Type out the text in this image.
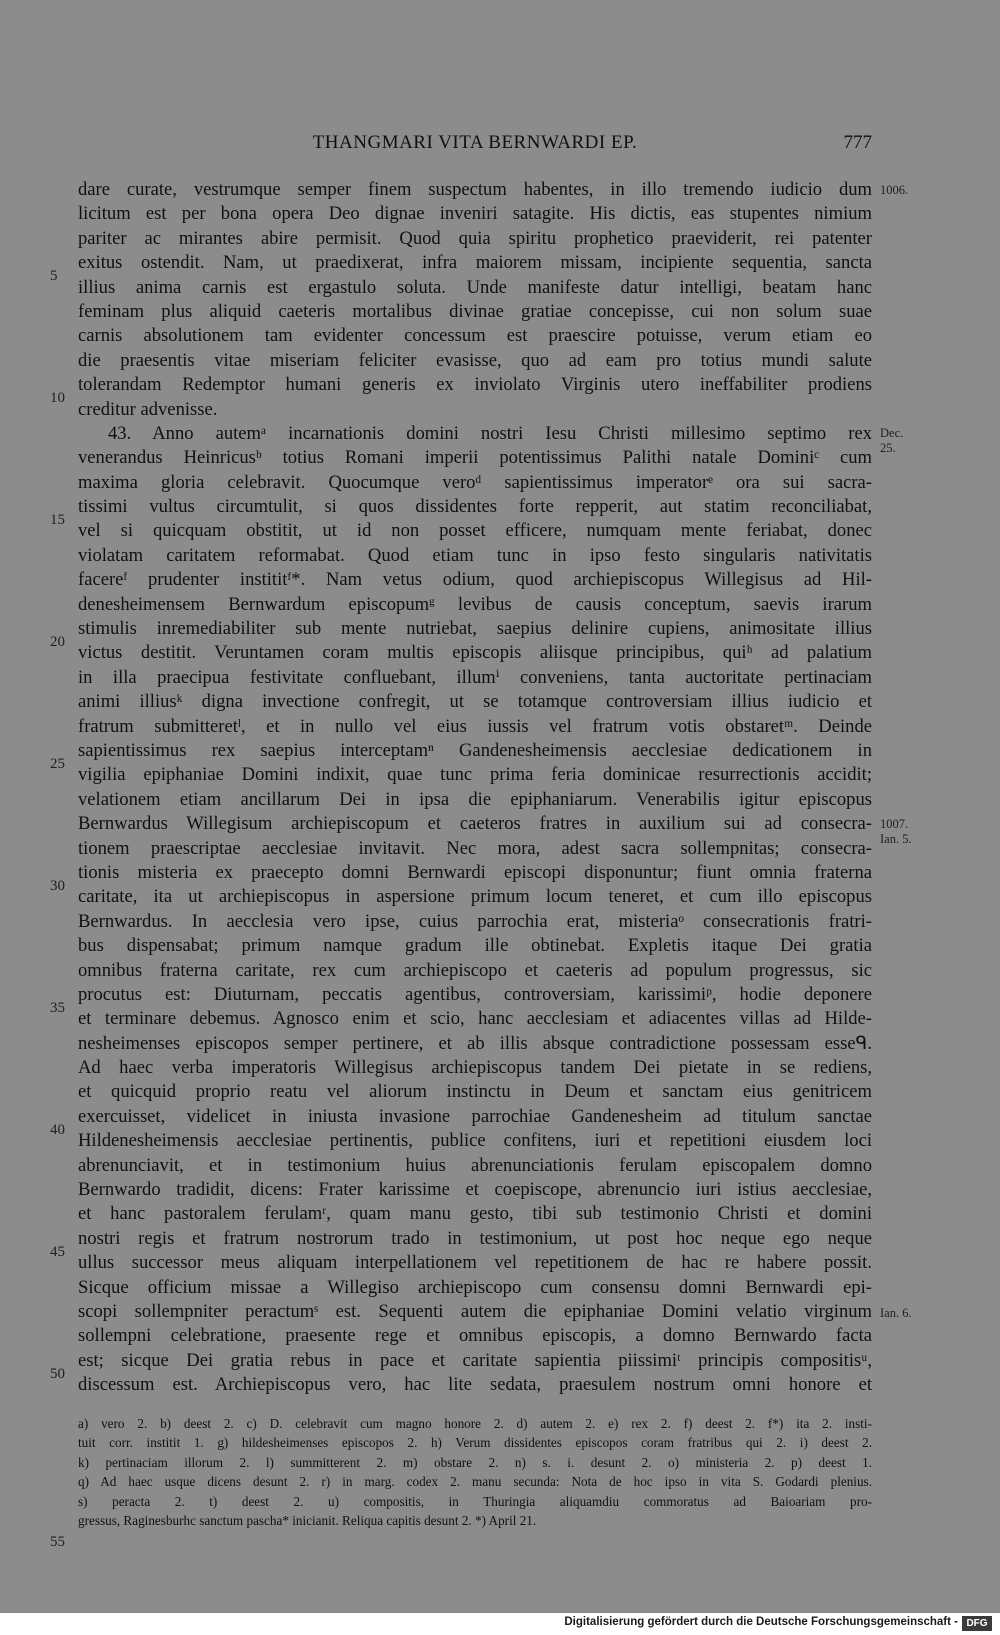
THANGMARI VITA BERNWARDI EP.	777
dare curate, vestrumque semper finem suspectum habentes, in illo tremendo iudicio dum
licitum est per bona opera Deo dignae inveniri satagite. His dictis, eas stupentes nimium
pariter ac mirantes abire permisit. Quod quia spiritu prophetico praeviderit, rei patenter
exitus ostendit. Nam, ut praedixerat, infra maiorem missam, incipiente sequentia, sancta
illius anima carnis est ergastulo soluta. Unde manifeste datur intelligi, beatam hanc
feminam plus aliquid caeteris mortalibus divinae gratiae concepisse, cui non solum suae
carnis absolutionem tam evidenter concessum est praescire potuisse, verum etiam eo
die praesentis vitae miseriam feliciter evasisse, quo ad eam pro totius mundi salute
tolerandam Redemptor humani generis ex inviolato Virginis utero ineffabiliter prodiens
creditur advenisse.
43. Anno autemᵃ incarnationis domini nostri Iesu Christi millesimo septimo rex
venerandus Heinricusᵇ totius Romani imperii potentissimus Palithi natale Dominiᶜ cum
maxima gloria celebravit. Quocumque veroᵈ sapientissimus imperatorᵉ ora sui sacra-
tissimi vultus circumtulit, si quos dissidentes forte repperit, aut statim reconciliabat,
vel si quicquam obstitit, ut id non posset efficere, numquam mente feriabat, donec
violatam caritatem reformabat. Quod etiam tunc in ipso festo singularis nativitatis
facereᶠ prudenter instititᶠ*. Nam vetus odium, quod archiepiscopus Willegisus ad Hil-
denesheimensem Bernwardum episcopumᵍ levibus de causis conceptum, saevis irarum
stimulis inremediabiliter sub mente nutriebat, saepius delinire cupiens, animositate illius
victus destitit. Veruntamen coram multis episcopis aliisque principibus, quiʰ ad palatium
in illa praecipua festivitate confluebant, illumⁱ conveniens, tanta auctoritate pertinaciam
animi illiusᵏ digna invectione confregit, ut se totamque controversiam illius iudicio et
fratrum submitteretˡ, et in nullo vel eius iussis vel fratrum votis obstaretᵐ. Deinde
sapientissimus rex saepius interceptamⁿ Gandenesheimensis aecclesiae dedicationem in
vigilia epiphaniae Domini indixit, quae tunc prima feria dominicae resurrectionis accidit;
velationem etiam ancillarum Dei in ipsa die epiphaniarum. Venerabilis igitur episcopus
Bernwardus Willegisum archiepiscopum et caeteros fratres in auxilium sui ad consecra-
tionem praescriptae aecclesiae invitavit. Nec mora, adest sacra sollempnitas; consecra-
tionis misteria ex praecepto domni Bernwardi episcopi disponuntur; fiunt omnia fraterna
caritate, ita ut archiepiscopus in aspersione primum locum teneret, et cum illo episcopus
Bernwardus. In aecclesia vero ipse, cuius parrochia erat, misteriaᵒ consecrationis fratri-
bus dispensabat; primum namque gradum ille obtinebat. Expletis itaque Dei gratia
omnibus fraterna caritate, rex cum archiepiscopo et caeteris ad populum progressus, sic
procutus est: Diuturnam, peccatis agentibus, controversiam, karissimiᵖ, hodie deponere
et terminare debemus. Agnosco enim et scio, hanc aecclesiam et adiacentes villas ad Hilde-
nesheimenses episcopos semper pertinere, et ab illis absque contradictione possessam esseᑫ.
Ad haec verba imperatoris Willegisus archiepiscopus tandem Dei pietate in se rediens,
et quicquid proprio reatu vel aliorum instinctu in Deum et sanctam eius genitricem
exercuisset, videlicet in iniusta invasione parrochiae Gandenesheim ad titulum sanctae
Hildenesheimensis aecclesiae pertinentis, publice confitens, iuri et repetitioni eiusdem loci
abrenunciavit, et in testimonium huius abrenunciationis ferulam episcopalem domno
Bernwardo tradidit, dicens: Frater karissime et coepiscope, abrenuncio iuri istius aecclesiae,
et hanc pastoralem ferulamʳ, quam manu gesto, tibi sub testimonio Christi et domini
nostri regis et fratrum nostrorum trado in testimonium, ut post hoc neque ego neque
ullus successor meus aliquam interpellationem vel repetitionem de hac re habere possit.
Sicque officium missae a Willegiso archiepiscopo cum consensu domni Bernwardi epi-
scopi sollempniter peractumˢ est. Sequenti autem die epiphaniae Domini velatio virginum
sollempni celebratione, praesente rege et omnibus episcopis, a domno Bernwardo facta
est; sicque Dei gratia rebus in pace et caritate sapientia piissimiᵗ principis compositisᵘ,
discessum est. Archiepiscopus vero, hac lite sedata, praesulem nostrum omni honore et
5
10
15
20
25
30
35
40
45
50
55
1006.
Dec.
25.
1007.
Ian. 5.
Ian. 6.
a) vero 2. b) deest 2. c) D. celebravit cum magno honore 2. d) autem 2. e) rex 2. f) deest 2. f*) ita 2. insti-
tuit corr. institit 1. g) hildesheimenses episcopos 2. h) Verum dissidentes episcopos coram fratribus qui 2. i) deest 2.
k) pertinaciam illorum 2. l) summitterent 2. m) obstare 2. n) s. i. desunt 2. o) ministeria 2. p) deest 1.
q) Ad haec usque dicens desunt 2. r) in marg. codex 2. manu secunda: Nota de hoc ipso in vita S. Godardi plenius.
s) peracta 2. t) deest 2. u) compositis, in Thuringia aliquamdiu commoratus ad Baioariam pro-
gressus, Raginesburhc sanctum pascha* inicianit. Reliqua capitis desunt 2. *) April 21.
Digitalisierung gefördert durch die Deutsche Forschungsgemeinschaft - DFG
